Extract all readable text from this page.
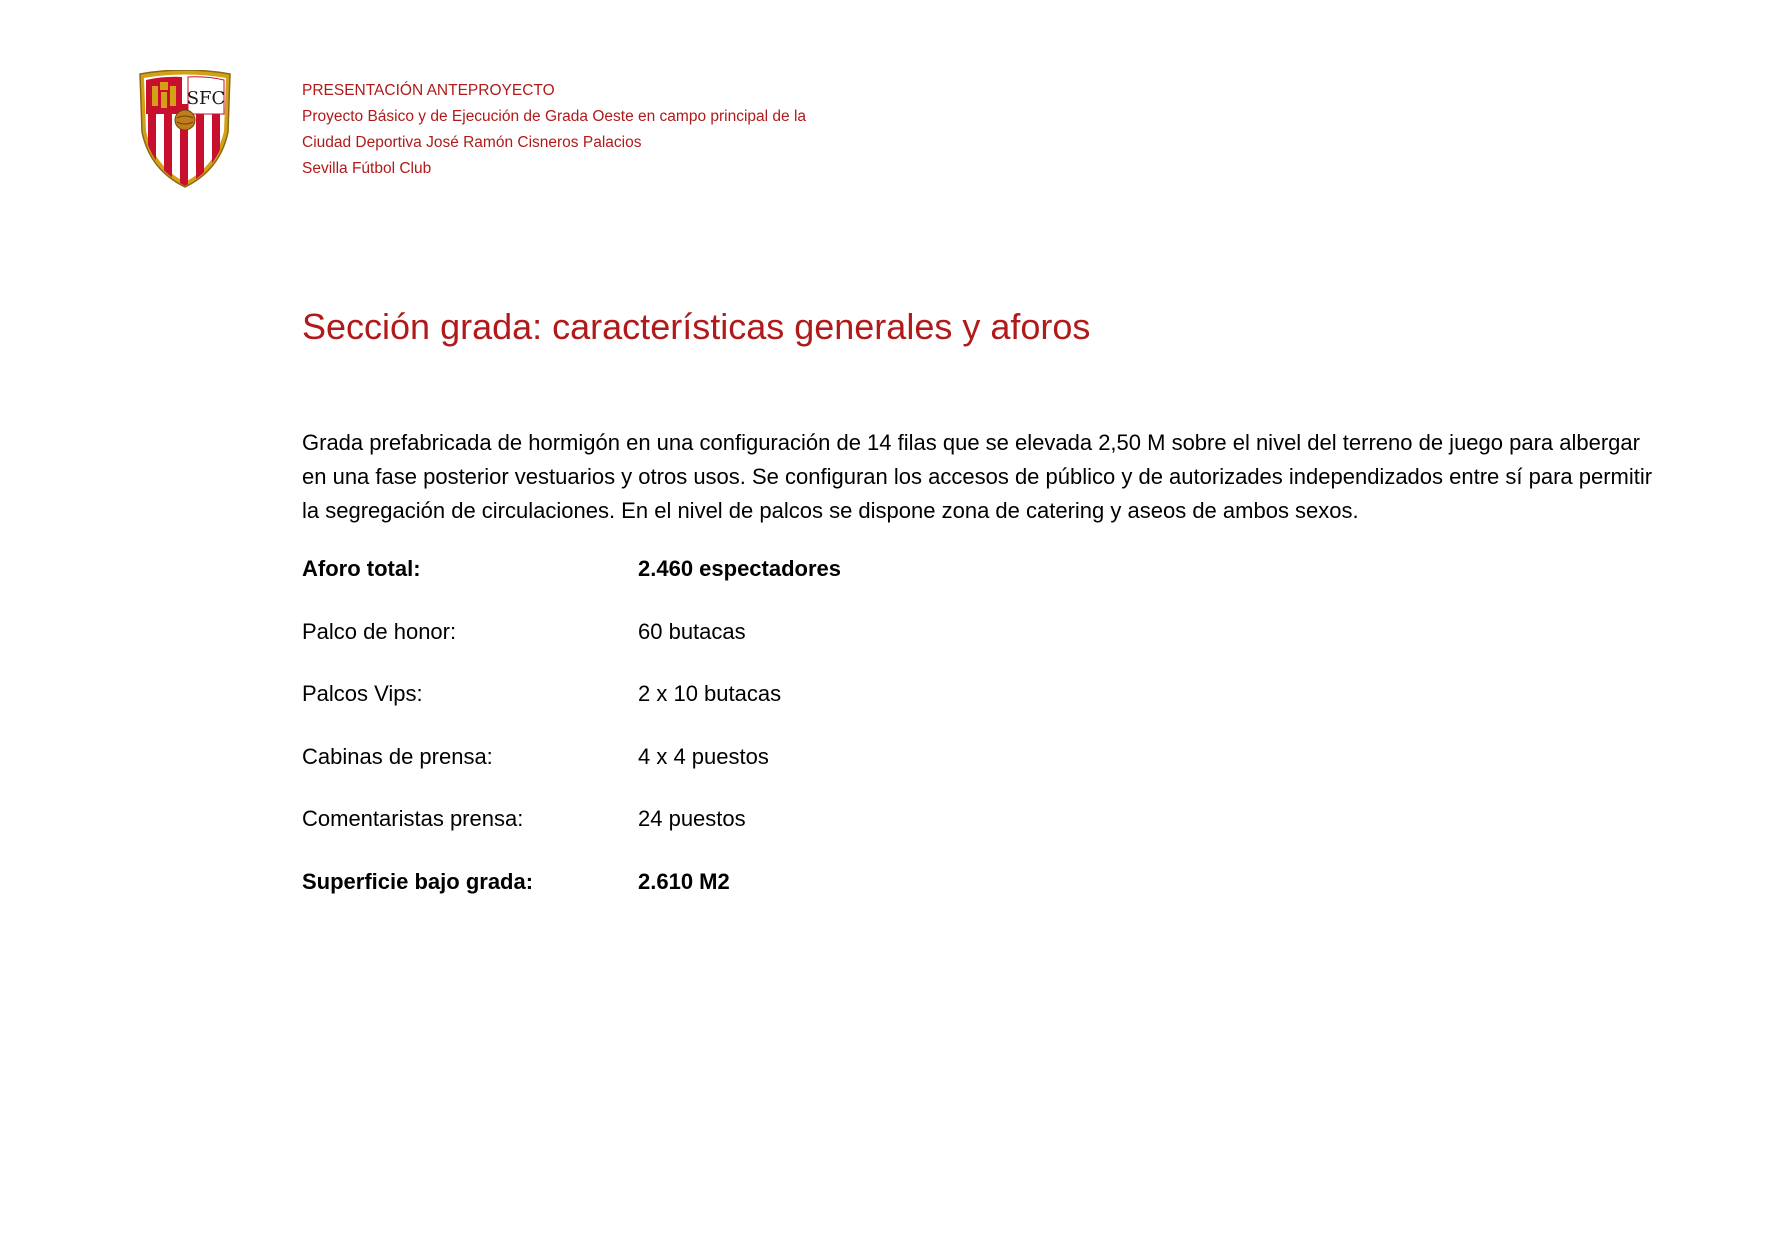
SFC	PRESENTACIÓN ANTEPROYECTO
Proyecto Básico y de Ejecución de Grada Oeste en campo principal de la
Ciudad Deportiva José Ramón Cisneros Palacios
Sevilla Fútbol Club
Sección grada: características generales y aforos

Grada prefabricada de hormigón en una configuración de 14 filas que se elevada 2,50 M sobre el nivel del terreno de juego para albergar en una fase posterior vestuarios y otros usos. Se configuran los accesos de público y de autorizades independizados entre sí para permitir la segregación de circulaciones. En el nivel de palcos se dispone zona de catering y aseos de ambos sexos.

Aforo total:	2.460 espectadores
Palco de honor:	60 butacas
Palcos Vips:	2 x 10 butacas
Cabinas de prensa:	4 x 4 puestos
Comentaristas prensa:	24 puestos
Superficie bajo grada:	2.610 M2
